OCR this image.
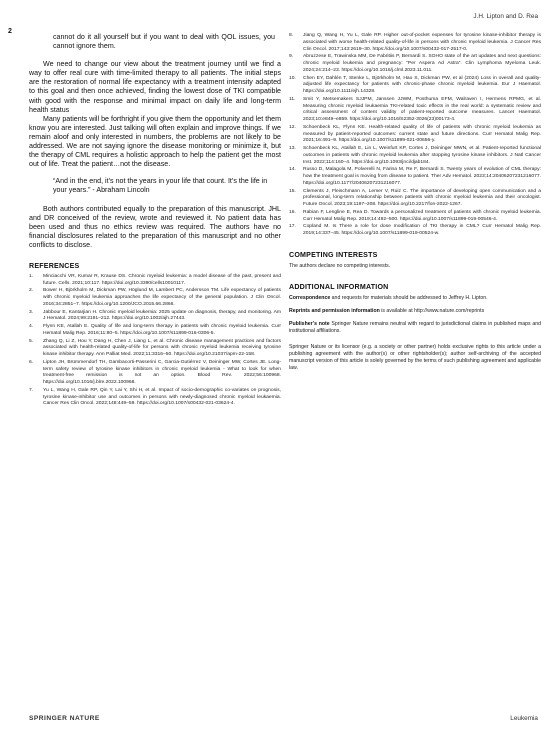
J.H. Lipton and D. Rea
2

cannot do it all yourself but if you want to deal with QOL issues, you cannot ignore them.

We need to change our view about the treatment journey until we find a way to offer real cure with time-limited therapy to all patients. The initial steps are the restoration of normal life expectancy with a treatment intensity adapted to this goal and then once achieved, finding the lowest dose of TKI compatible with good with the response and minimal impact on daily life and long-term health status

Many patients will be forthright if you give them the opportunity and let them know you are interested. Just talking will often explain and improve things. If we remain aloof and only interested in numbers, the problems are not likely to be addressed. We are not saying ignore the disease monitoring or minimize it, but the therapy of CML requires a holistic approach to help the patient get the most out of life. Treat the patient…not the disease.

“And in the end, it’s not the years in your life that count. It’s the life in your years.” - Abraham Lincoln

Both authors contributed equally to the preparation of this manuscript. JHL and DR conceived of the review, wrote and reviewed it. No patient data has been used and thus no ethics review was required. The authors have no financial disclosures related to the preparation of this manuscript and no other conflicts to disclose.

REFERENCES
1. Minciacchi VR, Kumar R, Krause DS. Chronic myeloid leukemia: a model disease of the past, present and future. Cells. 2021;10:117. https://doi.org/10.3390/cells10010117.
2. Bower H, Björkholm M, Dickman PW, Höglund M, Lambert PC, Andersson TM. Life expectancy of patients with chronic myeloid leukemia approaches the life expectancy of the general population. J Clin Oncol. 2016;34:2851–7. https://doi.org/10.1200/JCO.2015.66.2866.
3. Jabbour E, Kantarjian H. Chronic myeloid leukemia: 2025 update on diagnosis, therapy, and monitoring. Am J Hematol. 2024;99:2191–212. https://doi.org/10.1002/ajh.27443.
4. Flynn KE, Atallah E. Quality of life and long-term therapy in patients with chronic myeloid leukemia. Curr Hematol Malig Rep. 2016;11:80–5. https://doi.org/10.1007/s11899-016-0306-5.
5. Zhang Q, Li Z, Hou Y, Dang H, Chen J, Liang L, et al. Chronic disease management practices and factors associated with health-related quality-of-life for persons with chronic myeloid leukemia receiving tyrosine kinase inhibitor therapy. Ann Palliat Med. 2022;11:3316–50. https://doi.org/10.21037/apm-22-158.
6. Lipton JH, Brümmendorf TH, Gambacorti-Passerini C, Garcia-Gutiérrez V, Deininger MW, Cortes JE. Long-term safety review of tyrosine kinase inhibitors in chronic myeloid leukemia - What to look for when treatment-free remission is not an option. Blood Rev. 2022;56:100968. https://doi.org/10.1016/j.blre.2022.100968.
7. Yu L, Wang H, Gale RP, Qin Y, Lai Y, Shi H, et al. Impact of socio-demographic co-variates on prognosis, tyrosine kinase-inhibitor use and outcomes in persons with newly-diagnosed chronic myeloid leukaemia. Cancer Res Clin Oncol. 2022;148:449–59. https://doi.org/10.1007/s00432-021-03624-4.
8. Jiang Q, Wang H, Yu L, Gale RP. Higher out-of-pocket expenses for tyrosine kinase-inhibitor therapy is associated with worse health-related quality-of-life in persons with chronic myeloid leukemia. J Cancer Res Clin Oncol. 2017;143:2619–30. https://doi.org/10.1007/s00432-017-2517-0.
9. Abruzzese E, Trawinska MM, De Fabritiis P, Bernardi S. SOHO state of the art updates and next questions: chronic myeloid leukemia and pregnancy: “Per Aspera Ad Astra”. Clin Lymphoma Myeloma Leuk. 2024;24:214–23. https://doi.org/10.1016/j.clml.2023.11.011.
10. Chen EY, Dahlén T, Stenke L, Björkholm M, Hao S, Dickman PW, et al (2024) Loss in overall and quality-adjusted life expectancy for patients with chronic-phase chronic myeloid leukemia. Eur J Haematol. https://doi.org/10.1111/ejh.14328.
11. Smit Y, Metsemakers SJJPM, Janssen JJWM, Posthuma EFM, Walraven I, Hermens RPMG, et al. Measuring chronic myeloid leukaemia TKI-related toxic effects in the real world: a systematic review and critical assessment of content validity of patient-reported outcome measures. Lancet Haematol. 2023;10:e849–e859. https://doi.org/10.1016/S2352-3026(23)00173-4.
12. Schoenbeck KL, Flynn KE. Health-related quality of life of patients with chronic myeloid leukemia as measured by patient-reported outcomes: current state and future directions. Curr Hematol Malig Rep. 2021;16:491–9. https://doi.org/10.1007/s11899-021-00656-y.
13. Schoenbeck KL, Atallah E, Lin L, Weinfurt KP, Cortes J, Deininger MWN, et al. Patient-reported functional outcomes in patients with chronic myeloid leukemia after stopping tyrosine kinase inhibitors. J Natl Cancer Inst. 2022;114:160–4. https://doi.org/10.1093/jnci/djab184.
14. Russo D, Malagola M, Polverelli N, Farina M, Re F, Bernardi S. Twenty years of evolution of CML therapy: how the treatment goal is moving from disease to patient. Ther Adv Hematol. 2023;14:20406207231216077. https://doi.org/10.1177/20406207231216077.
15. Clements J, Fleischmann A, Lemer V, Ruiz C. The importance of developing open communication and a professional, long-term relationship between patients with chronic myeloid leukemia and their oncologist. Future Oncol. 2023;19:1197–208. https://doi.org/10.2217/fon-2022-1267.
16. Rabian F, Lengline E, Rea D. Towards a personalized treatment of patients with chronic myeloid leukemia. Curr Hematol Malig Rep. 2019;14:492–500. https://doi.org/10.1007/s11899-019-00546-4.
17. Copland M. Is There a role for dose modification of TKI therapy in CML? Curr Hematol Malig Rep. 2019;14:337–45. https://doi.org/10.1007/s11899-019-00524-w.
COMPETING INTERESTS

The authors declare no competing interests.

ADDITIONAL INFORMATION

Correspondence and requests for materials should be addressed to Jeffrey H. Lipton.

Reprints and permission information is available at http://www.nature.com/reprints

Publisher’s note Springer Nature remains neutral with regard to jurisdictional claims in published maps and institutional affiliations.

Springer Nature or its licensor (e.g. a society or other partner) holds exclusive rights to this article under a publishing agreement with the author(s) or other rightsholder(s); author self-archiving of the accepted manuscript version of this article is solely governed by the terms of such publishing agreement and applicable law.

SPRINGER NATURE	Leukemia
